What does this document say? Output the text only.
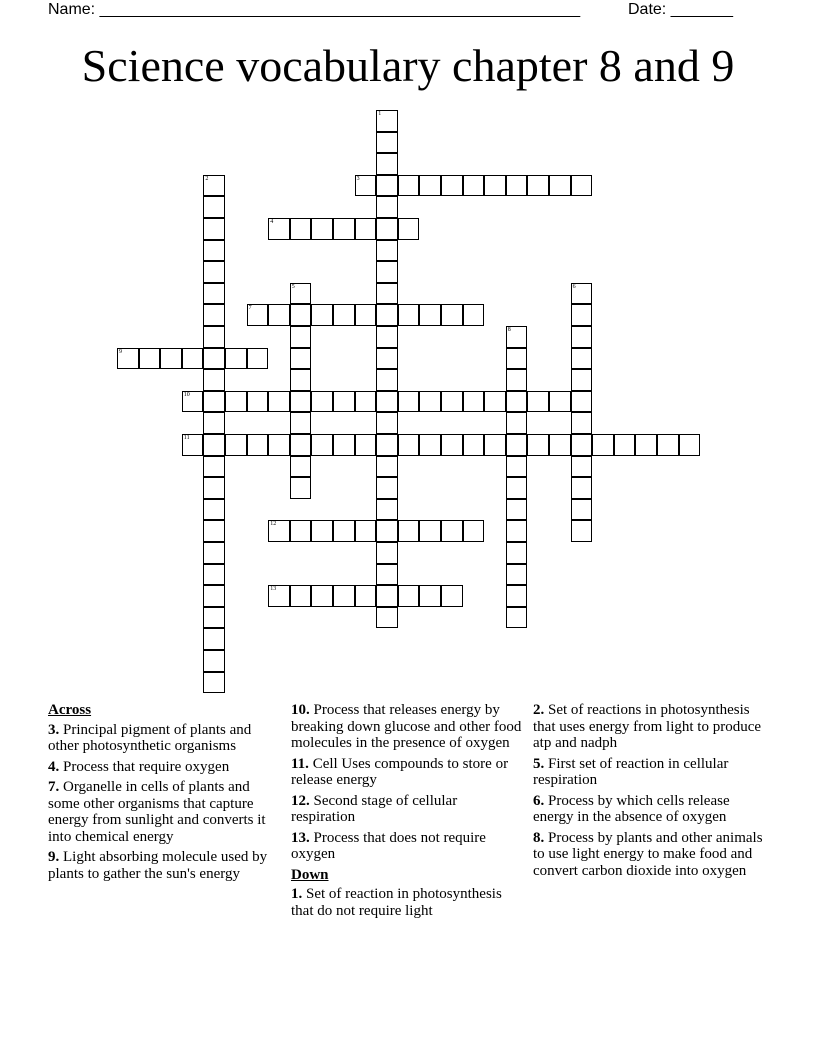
Name: ______________________________________________________	Date: _______
Science vocabulary chapter 8 and 9
3
4
7
9
10
11
12
13
1
2
5	6
8
Across
3. Principal pigment of plants and other photosynthetic organisms
4. Process that require oxygen
7. Organelle in cells of plants and some other organisms that capture energy from sunlight and converts it into chemical energy
9. Light absorbing molecule used by plants to gather the sun's energy
10. Process that releases energy by breaking down glucose and other food molecules in the presence of oxygen
11. Cell Uses compounds to store or release energy
12. Second stage of cellular respiration
13. Process that does not require oxygen
Down
1. Set of reaction in photosynthesis that do not require light
2. Set of reactions in photosynthesis that uses energy from light to produce atp and nadph
5. First set of reaction in cellular respiration
6. Process by which cells release energy in the absence of oxygen
8. Process by plants and other animals to use light energy to make food and convert carbon dioxide into oxygen
